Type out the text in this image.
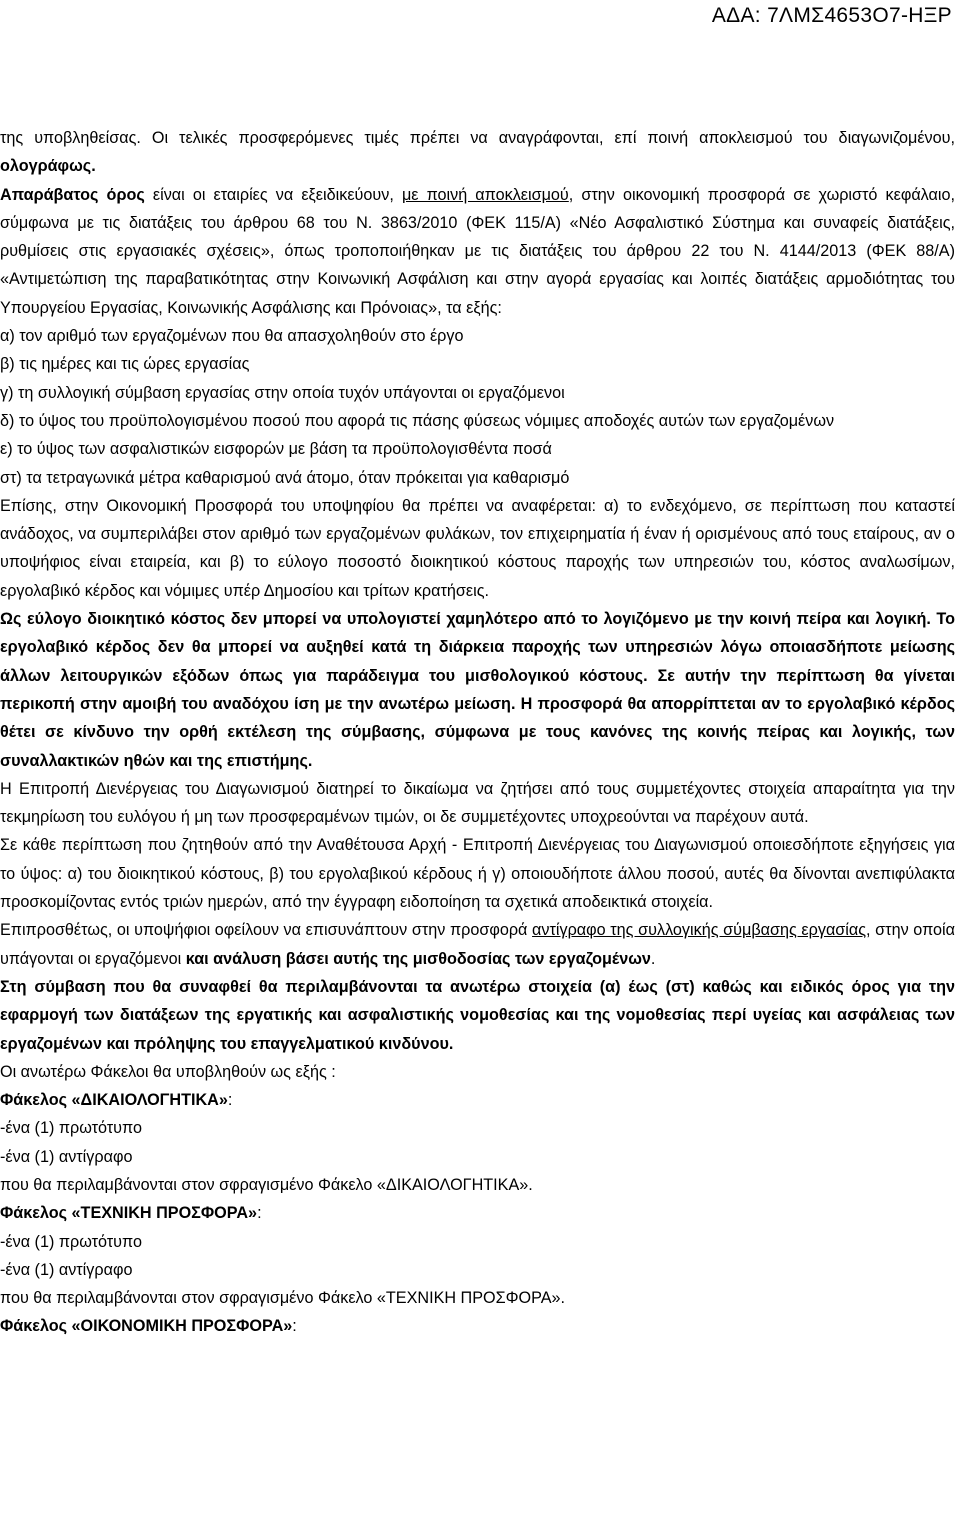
ΑΔΑ: 7ΛΜΣ4653Ο7-ΗΞΡ

της υποβληθείσας. Οι τελικές προσφερόμενες τιμές πρέπει να αναγράφονται, επί ποινή αποκλεισμού του διαγωνιζομένου, ολογράφως.

Απαράβατος όρος είναι οι εταιρίες να εξειδικεύουν, με ποινή αποκλεισμού, στην οικονομική προσφορά σε χωριστό κεφάλαιο, σύμφωνα με τις διατάξεις του άρθρου 68 του Ν. 3863/2010 (ΦΕΚ 115/Α) «Νέο Ασφαλιστικό Σύστημα και συναφείς διατάξεις, ρυθμίσεις στις εργασιακές σχέσεις», όπως τροποποιήθηκαν με τις διατάξεις του άρθρου 22 του Ν. 4144/2013 (ΦΕΚ 88/Α) «Αντιμετώπιση της παραβατικότητας στην Κοινωνική Ασφάλιση και στην αγορά εργασίας και λοιπές διατάξεις αρμοδιότητας του Υπουργείου Εργασίας, Κοινωνικής Ασφάλισης και Πρόνοιας», τα εξής:

α) τον αριθμό των εργαζομένων που θα απασχοληθούν στο έργο

β) τις ημέρες και τις ώρες εργασίας

γ) τη συλλογική σύμβαση εργασίας στην οποία τυχόν υπάγονται οι εργαζόμενοι

δ) το ύψος του προϋπολογισμένου ποσού που αφορά τις πάσης φύσεως νόμιμες αποδοχές αυτών των εργαζομένων

ε) το ύψος των ασφαλιστικών εισφορών με βάση τα προϋπολογισθέντα ποσά

στ) τα τετραγωνικά μέτρα καθαρισμού ανά άτομο, όταν πρόκειται για καθαρισμό

Επίσης, στην Οικονομική Προσφορά του υποψηφίου θα πρέπει να αναφέρεται: α) το ενδεχόμενο, σε περίπτωση που καταστεί ανάδοχος, να συμπεριλάβει στον αριθμό των εργαζομένων φυλάκων, τον επιχειρηματία ή έναν ή ορισμένους από τους εταίρους, αν ο υποψήφιος είναι εταιρεία, και β) το εύλογο ποσοστό διοικητικού κόστους παροχής των υπηρεσιών του, κόστος αναλωσίμων, εργολαβικό κέρδος και νόμιμες υπέρ Δημοσίου και τρίτων κρατήσεις.

Ως εύλογο διοικητικό κόστος δεν μπορεί να υπολογιστεί χαμηλότερο από το λογιζόμενο με την κοινή πείρα και λογική. Το εργολαβικό κέρδος δεν θα μπορεί να αυξηθεί κατά τη διάρκεια παροχής των υπηρεσιών λόγω οποιασδήποτε μείωσης άλλων λειτουργικών εξόδων όπως για παράδειγμα του μισθολογικού κόστους. Σε αυτήν την περίπτωση θα γίνεται περικοπή στην αμοιβή του αναδόχου ίση με την ανωτέρω μείωση. Η προσφορά θα απορρίπτεται αν το εργολαβικό κέρδος θέτει σε κίνδυνο την ορθή εκτέλεση της σύμβασης, σύμφωνα με τους κανόνες της κοινής πείρας και λογικής, των συναλλακτικών ηθών και της επιστήμης.

Η Επιτροπή Διενέργειας του Διαγωνισμού διατηρεί το δικαίωμα να ζητήσει από τους συμμετέχοντες στοιχεία απαραίτητα για την τεκμηρίωση του ευλόγου ή μη των προσφεραμένων τιμών, οι δε συμμετέχοντες υποχρεούνται να παρέχουν αυτά.

Σε κάθε περίπτωση που ζητηθούν από την Αναθέτουσα Αρχή - Επιτροπή Διενέργειας του Διαγωνισμού οποιεσδήποτε εξηγήσεις για το ύψος: α) του διοικητικού κόστους, β) του εργολαβικού κέρδους ή γ) οποιουδήποτε άλλου ποσού, αυτές θα δίνονται ανεπιφύλακτα προσκομίζοντας εντός τριών ημερών, από την έγγραφη ειδοποίηση τα σχετικά αποδεικτικά στοιχεία.

Επιπροσθέτως, οι υποψήφιοι οφείλουν να επισυνάπτουν στην προσφορά αντίγραφο της συλλογικής σύμβασης εργασίας, στην οποία υπάγονται οι εργαζόμενοι και ανάλυση βάσει αυτής της μισθοδοσίας των εργαζομένων.

Στη σύμβαση που θα συναφθεί θα περιλαμβάνονται τα ανωτέρω στοιχεία (α) έως (στ) καθώς και ειδικός όρος για την εφαρμογή των διατάξεων της εργατικής και ασφαλιστικής νομοθεσίας και της νομοθεσίας περί υγείας και ασφάλειας των εργαζομένων και πρόληψης του επαγγελματικού κινδύνου.

Οι ανωτέρω Φάκελοι θα υποβληθούν ως εξής :

Φάκελος «ΔΙΚΑΙΟΛΟΓΗΤΙΚΑ»:

-ένα (1) πρωτότυπο

-ένα (1) αντίγραφο

που θα περιλαμβάνονται στον σφραγισμένο Φάκελο «ΔΙΚΑΙΟΛΟΓΗΤΙΚΑ».

Φάκελος «ΤΕΧΝΙΚΗ ΠΡΟΣΦΟΡΑ»:

-ένα (1) πρωτότυπο

-ένα (1) αντίγραφο

που θα περιλαμβάνονται στον σφραγισμένο Φάκελο «ΤΕΧΝΙΚΗ ΠΡΟΣΦΟΡΑ».

Φάκελος «ΟΙΚΟΝΟΜΙΚΗ ΠΡΟΣΦΟΡΑ»:
